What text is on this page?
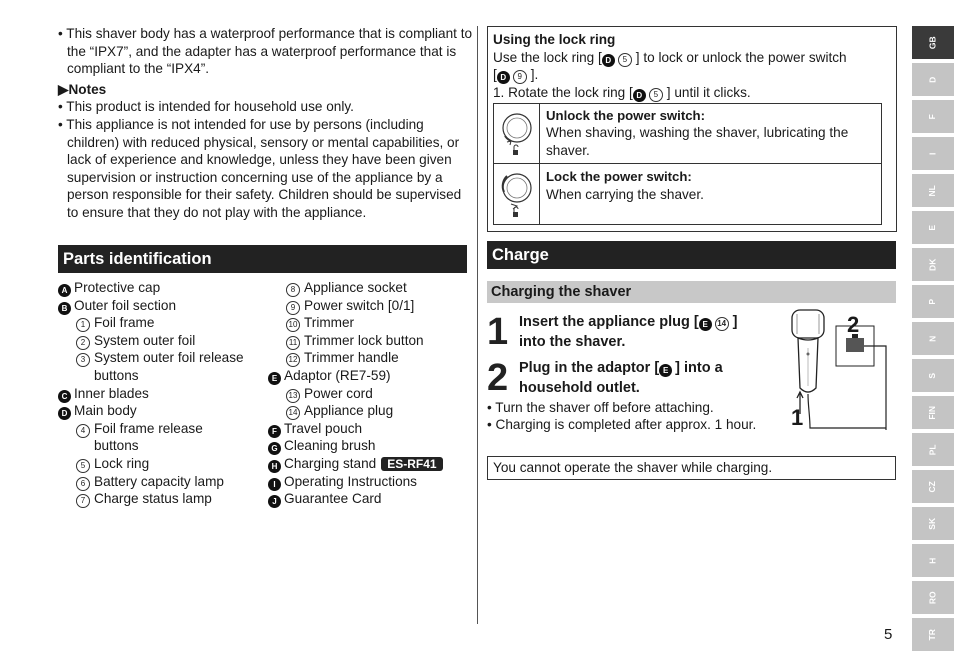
• This shaver body has a waterproof performance that is compliant to the “IPX7”, and the adapter has a waterproof performance that is compliant to the “IPX4”.
▶Notes
• This product is intended for household use only.
• This appliance is not intended for use by persons (including children) with reduced physical, sensory or mental capabilities, or lack of experience and knowledge, unless they have been given supervision or instruction concerning use of the appliance by a person responsible for their safety. Children should be supervised to ensure that they do not play with the appliance.
Parts identification
A Protective cap
B Outer foil section
1 Foil frame
2 System outer foil
3 System outer foil release
buttons
C Inner blades
D Main body
4 Foil frame release
buttons
5 Lock ring
6 Battery capacity lamp
7 Charge status lamp
8 Appliance socket
9 Power switch [0/1]
10 Trimmer
11 Trimmer lock button
12 Trimmer handle
E Adaptor (RE7-59)
13 Power cord
14 Appliance plug
F Travel pouch
G Cleaning brush
H Charging stand ES-RF41
I Operating Instructions
J Guarantee Card
Using the lock ring
Use the lock ring [ D 5 ] to lock or unlock the power switch
[ D 9 ].
1. Rotate the lock ring [ D 5 ] until it clicks.
Unlock the power switch:
When shaving, washing the shaver, lubricating the shaver.
Lock the power switch:
When carrying the shaver.
Charge
Charging the shaver
1 Insert the appliance plug [ E 14 ]
into the shaver.
2 Plug in the adaptor [ E ] into a
household outlet.
• Turn the shaver off before attaching.
• Charging is completed after approx. 1 hour.
2
1
You cannot operate the shaver while charging.
GB
D
F
I
NL
E
DK
P
N
S
FIN
PL
CZ
SK
H
RO
TR
5
